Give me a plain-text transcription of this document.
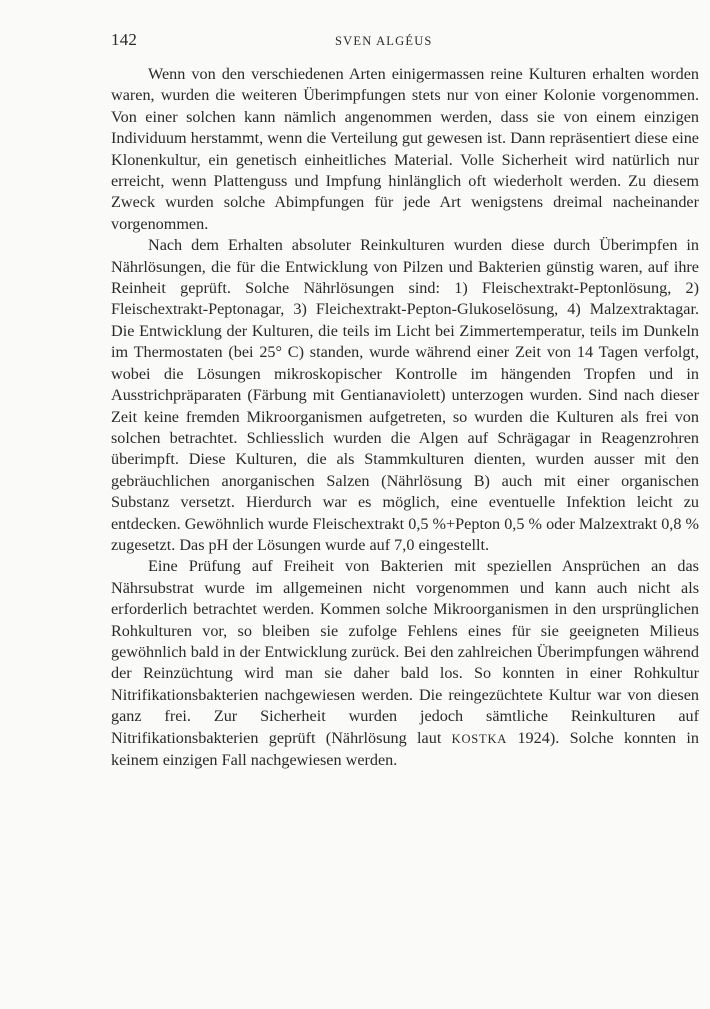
142	SVEN ALGÉUS

Wenn von den verschiedenen Arten einigermassen reine Kulturen erhalten worden waren, wurden die weiteren Überimpfungen stets nur von einer Kolonie vorgenommen. Von einer solchen kann nämlich angenommen werden, dass sie von einem einzigen Individuum herstammt, wenn die Verteilung gut gewesen ist. Dann repräsentiert diese eine Klonenkultur, ein genetisch einheitliches Material. Volle Sicherheit wird natürlich nur erreicht, wenn Plattenguss und Impfung hinlänglich oft wiederholt werden. Zu diesem Zweck wurden solche Abimpfungen für jede Art wenigstens dreimal nacheinander vorgenommen.

Nach dem Erhalten absoluter Reinkulturen wurden diese durch Überimpfen in Nährlösungen, die für die Entwicklung von Pilzen und Bakterien günstig waren, auf ihre Reinheit geprüft. Solche Nährlösungen sind: 1) Fleischextrakt-Peptonlösung, 2) Fleischextrakt-Peptonagar, 3) Fleichextrakt-Pepton-Glukoselösung, 4) Malzextraktagar. Die Entwicklung der Kulturen, die teils im Licht bei Zimmertemperatur, teils im Dunkeln im Thermostaten (bei 25° C) standen, wurde während einer Zeit von 14 Tagen verfolgt, wobei die Lösungen mikroskopischer Kontrolle im hängenden Tropfen und in Ausstrichpräparaten (Färbung mit Gentianaviolett) unterzogen wurden. Sind nach dieser Zeit keine fremden Mikroorganismen aufgetreten, so wurden die Kulturen als frei von solchen betrachtet. Schliesslich wurden die Algen auf Schrägagar in Reagenzrohren überimpft. Diese Kulturen, die als Stammkulturen dienten, wurden ausser mit den gebräuchlichen anorganischen Salzen (Nährlösung B) auch mit einer organischen Substanz versetzt. Hierdurch war es möglich, eine eventuelle Infektion leicht zu entdecken. Gewöhnlich wurde Fleischextrakt 0,5 %+Pepton 0,5 % oder Malzextrakt 0,8 % zugesetzt. Das pH der Lösungen wurde auf 7,0 eingestellt.

Eine Prüfung auf Freiheit von Bakterien mit speziellen Ansprüchen an das Nährsubstrat wurde im allgemeinen nicht vorgenommen und kann auch nicht als erforderlich betrachtet werden. Kommen solche Mikroorganismen in den ursprünglichen Rohkulturen vor, so bleiben sie zufolge Fehlens eines für sie geeigneten Milieus gewöhnlich bald in der Entwicklung zurück. Bei den zahlreichen Überimpfungen während der Reinzüchtung wird man sie daher bald los. So konnten in einer Rohkultur Nitrifikationsbakterien nachgewiesen werden. Die reingezüchtete Kultur war von diesen ganz frei. Zur Sicherheit wurden jedoch sämtliche Reinkulturen auf Nitrifikationsbakterien geprüft (Nährlösung laut KOSTKA 1924). Solche konnten in keinem einzigen Fall nachgewiesen werden.
